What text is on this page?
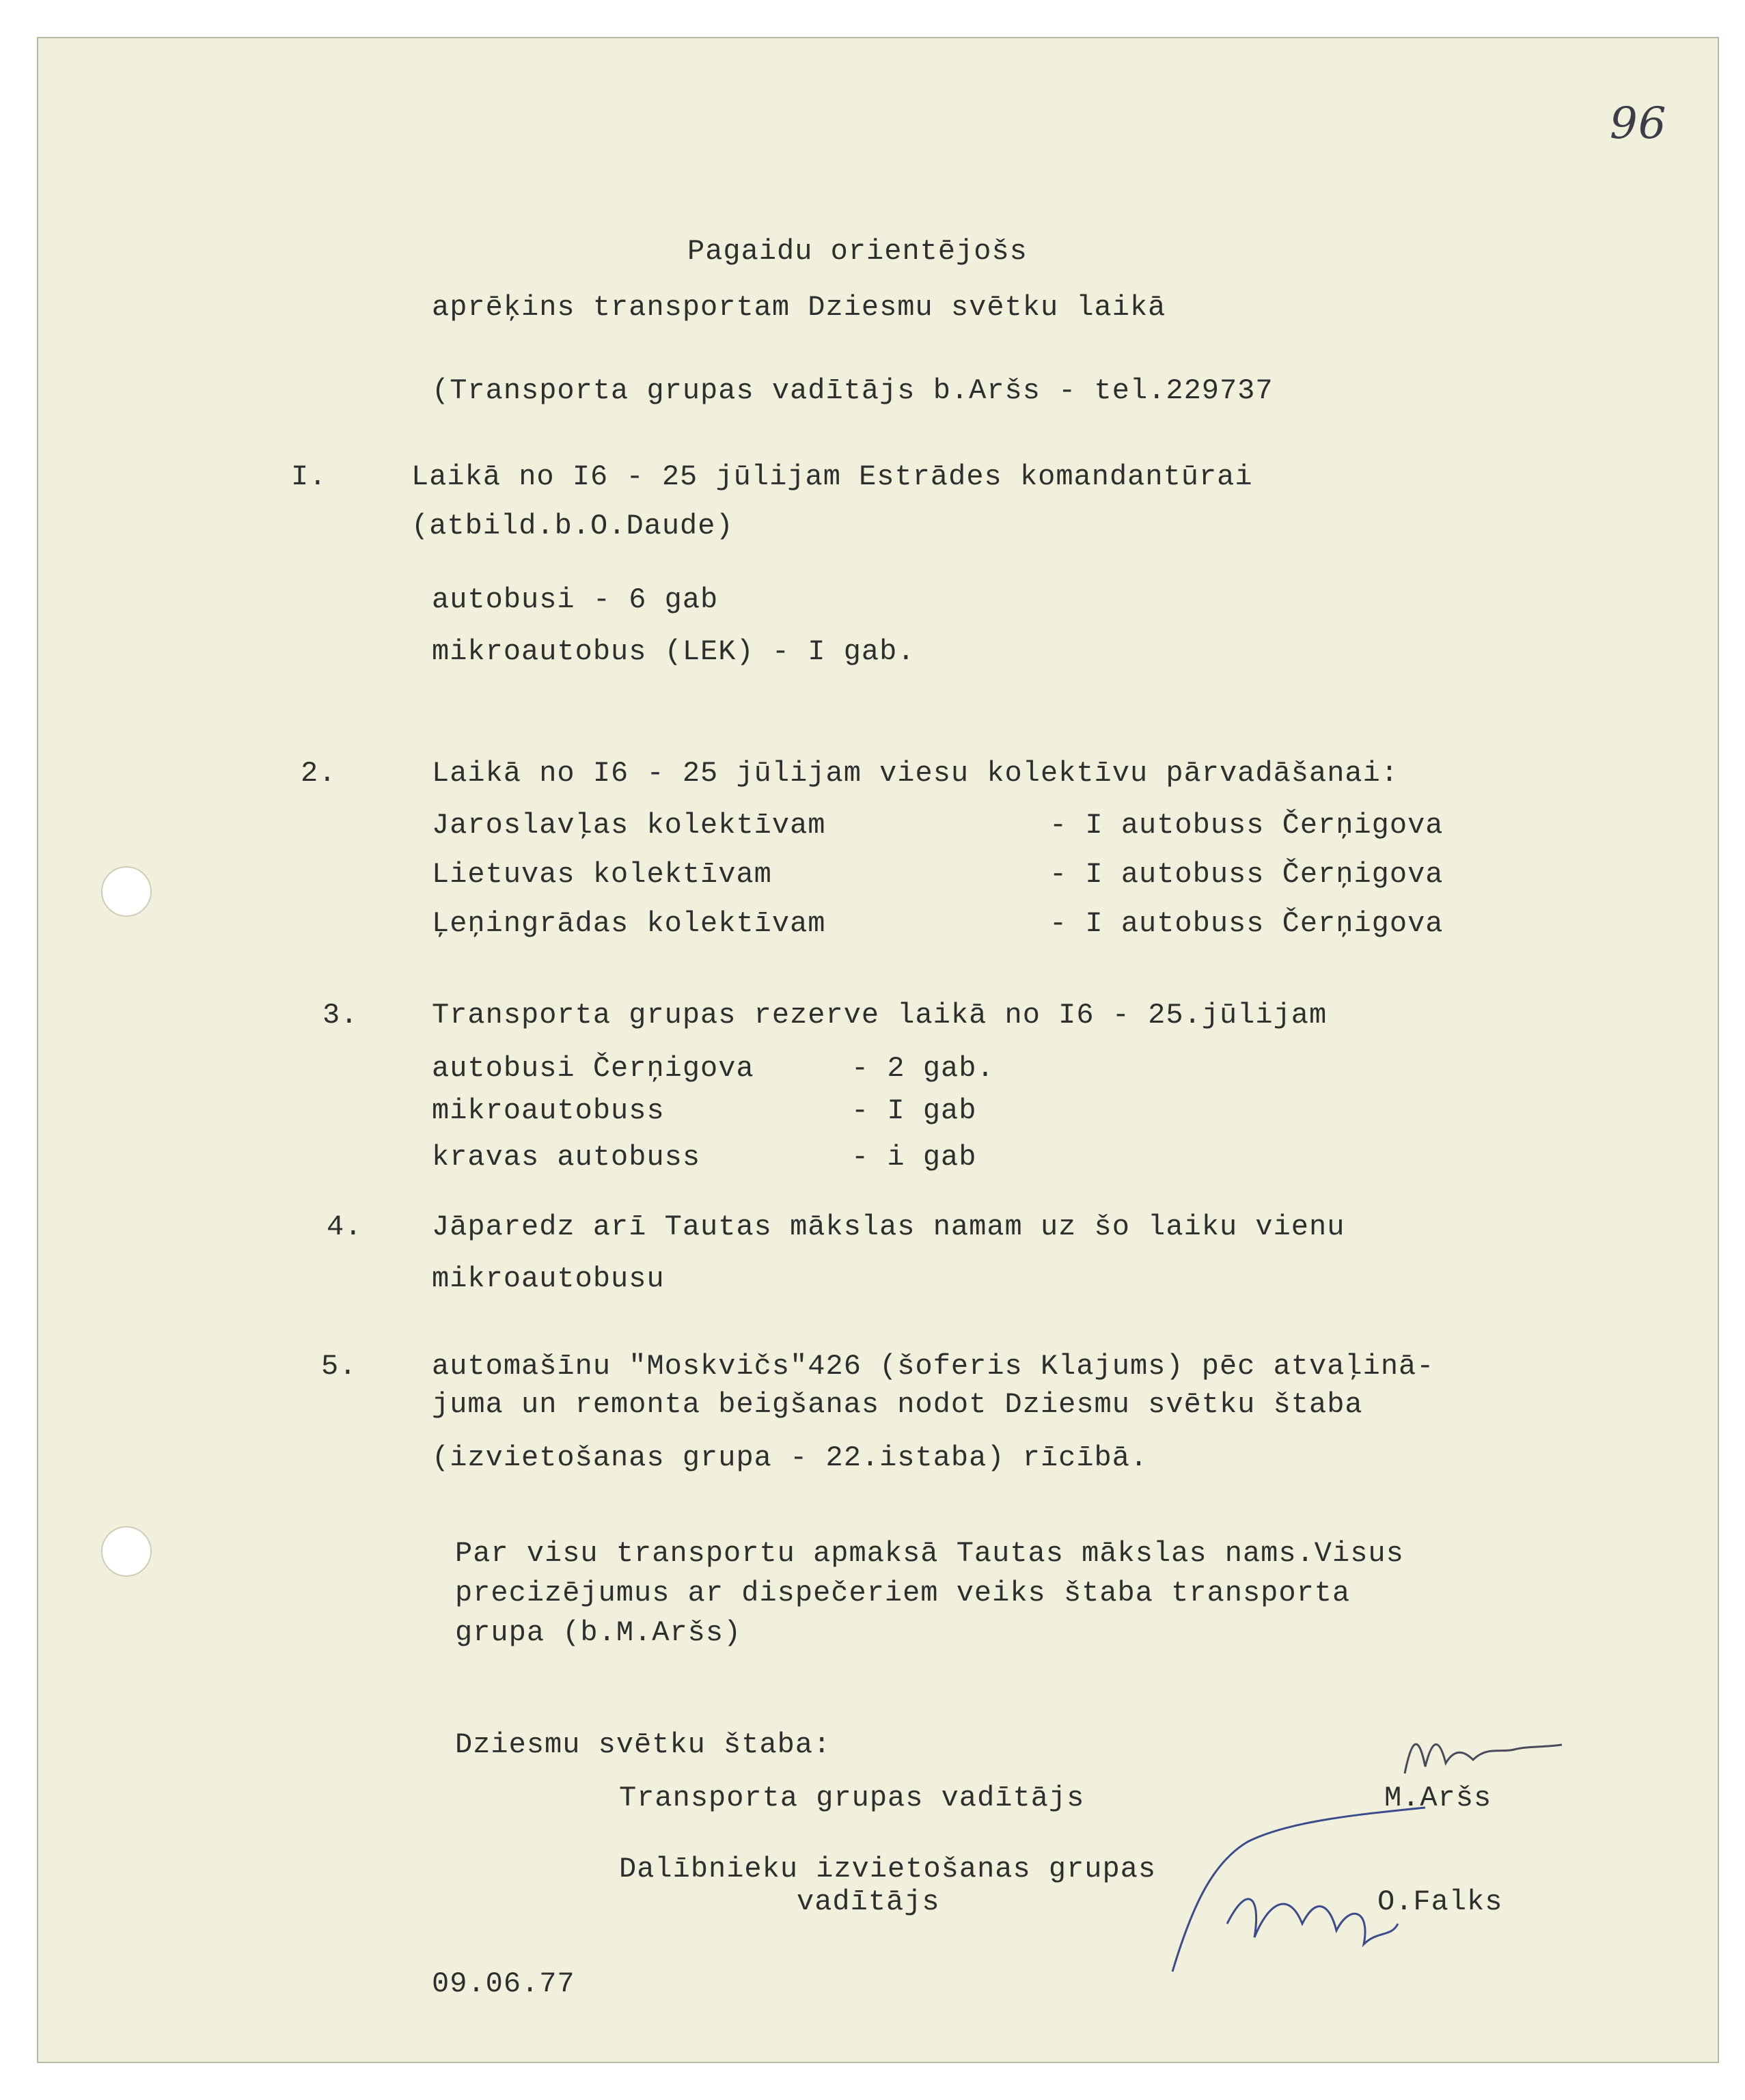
96
Pagaidu orientējošs
aprēķins transportam Dziesmu svētku laikā
(Transporta grupas vadītājs b.Aršs - tel.229737
I.	Laikā no I6 - 25 jūlijam Estrādes komandantūrai
(atbild.b.O.Daude)
autobusi - 6 gab
mikroautobus (LEK) - I gab.
2.	Laikā no I6 - 25 jūlijam viesu kolektīvu pārvadāšanai:
Jaroslavļas kolektīvam	- I autobuss Čerņigova
Lietuvas kolektīvam	- I autobuss Čerņigova
Ļeņingrādas kolektīvam	- I autobuss Čerņigova
3.	Transporta grupas rezerve laikā no I6 - 25.jūlijam
autobusi Čerņigova	- 2 gab.
mikroautobuss	- I gab
kravas autobuss	- i gab
4. Jāparedz arī Tautas mākslas namam uz šo laiku vienu
mikroautobusu
5.	automašīnu "Moskvičs"426 (šoferis Klajums) pēc atvaļinā-
juma un remonta beigšanas nodot Dziesmu svētku štaba
(izvietošanas grupa - 22.istaba) rīcībā.
Par visu transportu apmaksā Tautas mākslas nams.Visus
precizējumus ar dispečeriem veiks štaba transporta
grupa (b.M.Aršs)
Dziesmu svētku štaba:
Transporta grupas vadītājs	M.Aršs
Dalībnieku izvietošanas grupas
vadītājs	O.Falks
09.06.77
